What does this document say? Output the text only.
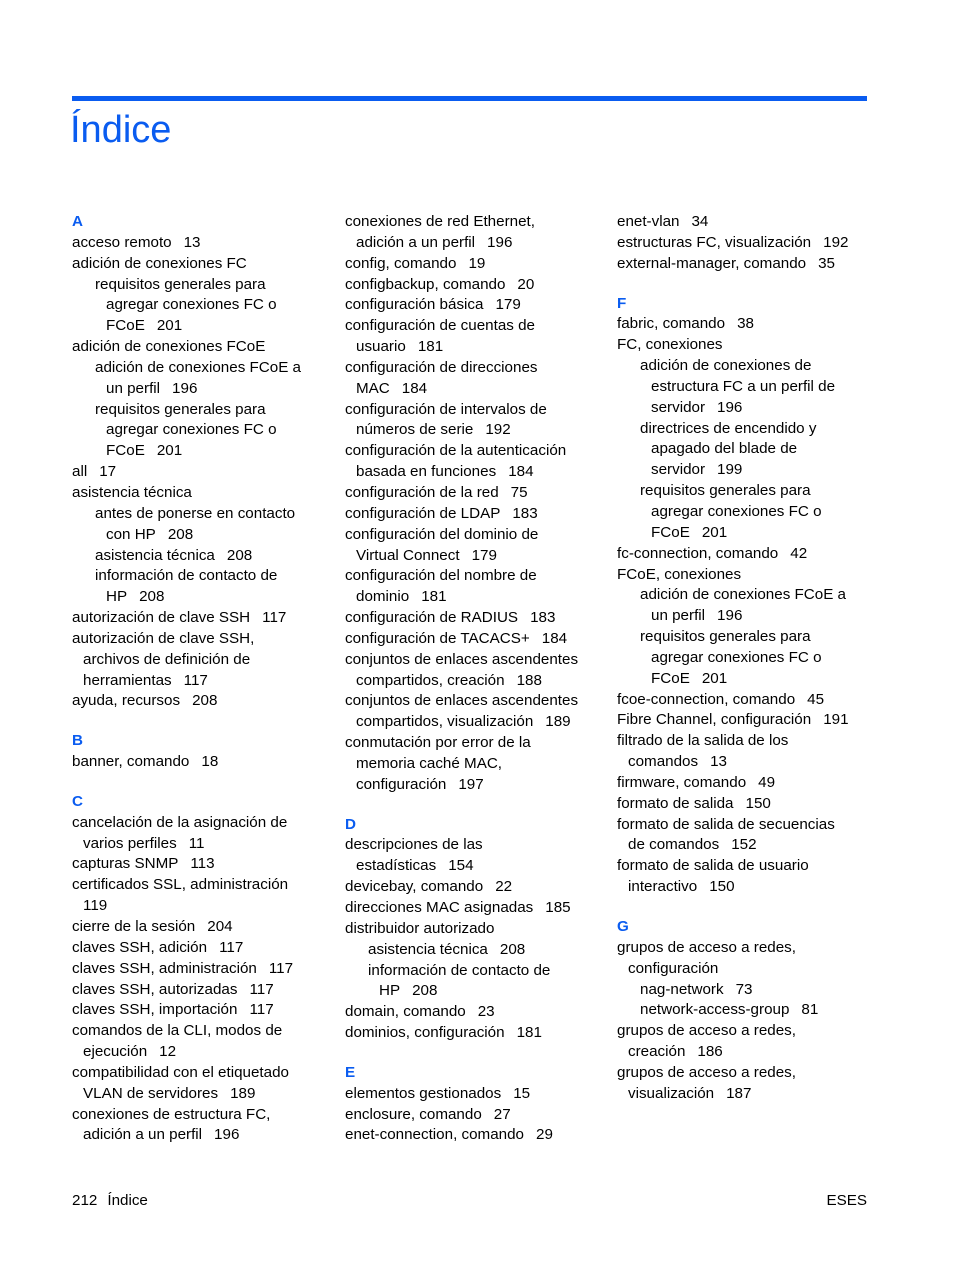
Índice
A
acceso remoto 13
adición de conexiones FC
requisitos generales para
agregar conexiones FC o
FCoE 201
adición de conexiones FCoE
adición de conexiones FCoE a
un perfil 196
requisitos generales para
agregar conexiones FC o
FCoE 201
all 17
asistencia técnica
antes de ponerse en contacto
con HP 208
asistencia técnica 208
información de contacto de
HP 208
autorización de clave SSH 117
autorización de clave SSH,
archivos de definición de
herramientas 117
ayuda, recursos 208
B
banner, comando 18
C
cancelación de la asignación de
varios perfiles 11
capturas SNMP 113
certificados SSL, administración
119
cierre de la sesión 204
claves SSH, adición 117
claves SSH, administración 117
claves SSH, autorizadas 117
claves SSH, importación 117
comandos de la CLI, modos de
ejecución 12
compatibilidad con el etiquetado
VLAN de servidores 189
conexiones de estructura FC,
adición a un perfil 196
conexiones de red Ethernet,
adición a un perfil 196
config, comando 19
configbackup, comando 20
configuración básica 179
configuración de cuentas de
usuario 181
configuración de direcciones
MAC 184
configuración de intervalos de
números de serie 192
configuración de la autenticación
basada en funciones 184
configuración de la red 75
configuración de LDAP 183
configuración del dominio de
Virtual Connect 179
configuración del nombre de
dominio 181
configuración de RADIUS 183
configuración de TACACS+ 184
conjuntos de enlaces ascendentes
compartidos, creación 188
conjuntos de enlaces ascendentes
compartidos, visualización 189
conmutación por error de la
memoria caché MAC,
configuración 197
D
descripciones de las
estadísticas 154
devicebay, comando 22
direcciones MAC asignadas 185
distribuidor autorizado
asistencia técnica 208
información de contacto de
HP 208
domain, comando 23
dominios, configuración 181
E
elementos gestionados 15
enclosure, comando 27
enet-connection, comando 29
enet-vlan 34
estructuras FC, visualización 192
external-manager, comando 35
F
fabric, comando 38
FC, conexiones
adición de conexiones de
estructura FC a un perfil de
servidor 196
directrices de encendido y
apagado del blade de
servidor 199
requisitos generales para
agregar conexiones FC o
FCoE 201
fc-connection, comando 42
FCoE, conexiones
adición de conexiones FCoE a
un perfil 196
requisitos generales para
agregar conexiones FC o
FCoE 201
fcoe-connection, comando 45
Fibre Channel, configuración 191
filtrado de la salida de los
comandos 13
firmware, comando 49
formato de salida 150
formato de salida de secuencias
de comandos 152
formato de salida de usuario
interactivo 150
G
grupos de acceso a redes,
configuración
nag-network 73
network-access-group 81
grupos de acceso a redes,
creación 186
grupos de acceso a redes,
visualización 187
212 Índice	ESES
